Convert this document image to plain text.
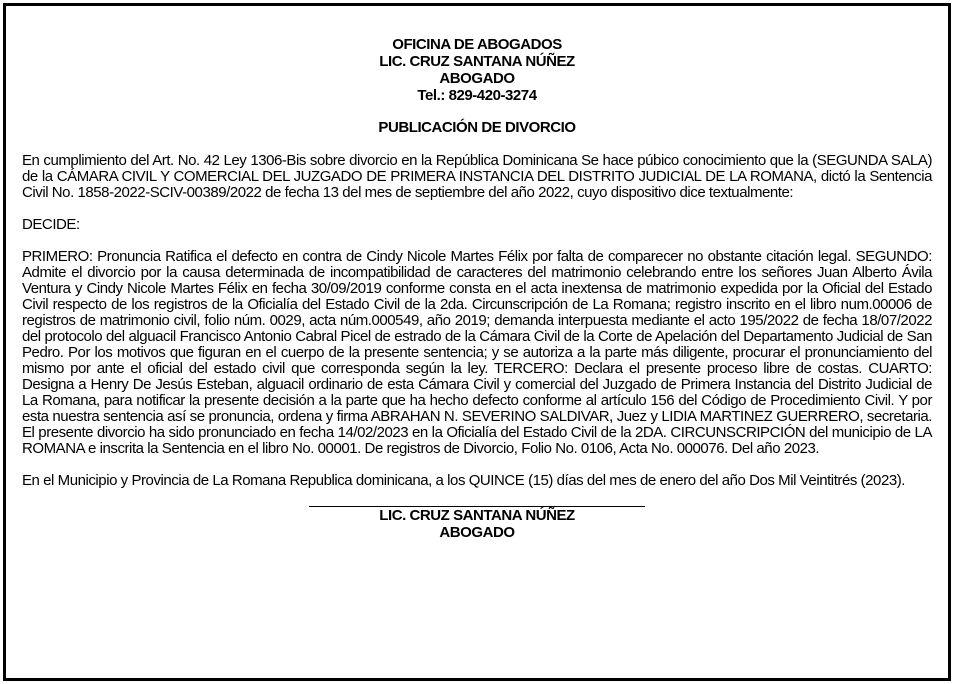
OFICINA DE ABOGADOS
LIC. CRUZ SANTANA NÚÑEZ
ABOGADO
Tel.: 829-420-3274
PUBLICACIÓN DE DIVORCIO

En cumplimiento del Art. No. 42 Ley 1306-Bis sobre divorcio en la República Dominicana Se hace púbico conocimiento que la (SEGUNDA SALA) de la CÁMARA CIVIL Y COMERCIAL DEL JUZGADO DE PRIMERA INSTANCIA DEL DISTRITO JUDICIAL DE LA ROMANA, dictó la Sentencia Civil No. 1858-2022-SCIV-00389/2022 de fecha 13 del mes de septiembre del año 2022, cuyo dispositivo dice textualmente:

DECIDE:

PRIMERO: Pronuncia Ratifica el defecto en contra de Cindy Nicole Martes Félix por falta de comparecer no obstante citación legal. SEGUNDO: Admite el divorcio por la causa determinada de incompatibilidad de caracteres del matrimonio celebrando entre los señores Juan Alberto Ávila Ventura y Cindy Nicole Martes Félix en fecha 30/09/2019 conforme consta en el acta inextensa de matrimonio expedida por la Oficial del Estado Civil respecto de los registros de la Oficialía del Estado Civil de la 2da. Circunscripción de La Romana; registro inscrito en el libro num.00006 de registros de matrimonio civil, folio núm. 0029, acta núm.000549, año 2019; demanda interpuesta mediante el acto 195/2022 de fecha 18/07/2022 del protocolo del alguacil Francisco Antonio Cabral Picel de estrado de la Cámara Civil de la Corte de Apelación del Departamento Judicial de San Pedro. Por los motivos que figuran en el cuerpo de la presente sentencia; y se autoriza a la parte más diligente, procurar el pronunciamiento del mismo por ante el oficial del estado civil que corresponda según la ley. TERCERO: Declara el presente proceso libre de costas. CUARTO: Designa a Henry De Jesús Esteban, alguacil ordinario de esta Cámara Civil y comercial del Juzgado de Primera Instancia del Distrito Judicial de La Romana, para notificar la presente decisión a la parte que ha hecho defecto conforme al artículo 156 del Código de Procedimiento Civil. Y por esta nuestra sentencia así se pronuncia, ordena y firma ABRAHAN N. SEVERINO SALDIVAR, Juez y LIDIA MARTINEZ GUERRERO, secretaria. El presente divorcio ha sido pronunciado en fecha 14/02/2023 en la Oficialía del Estado Civil de la 2DA. CIRCUNSCRIPCIÓN del municipio de LA ROMANA e inscrita la Sentencia en el libro No. 00001. De registros de Divorcio, Folio No. 0106, Acta No. 000076. Del año 2023.

En el Municipio y Provincia de La Romana Republica dominicana, a los QUINCE (15) días del mes de enero del año Dos Mil Veintitrés (2023).

LIC. CRUZ SANTANA NÚÑEZ
ABOGADO
